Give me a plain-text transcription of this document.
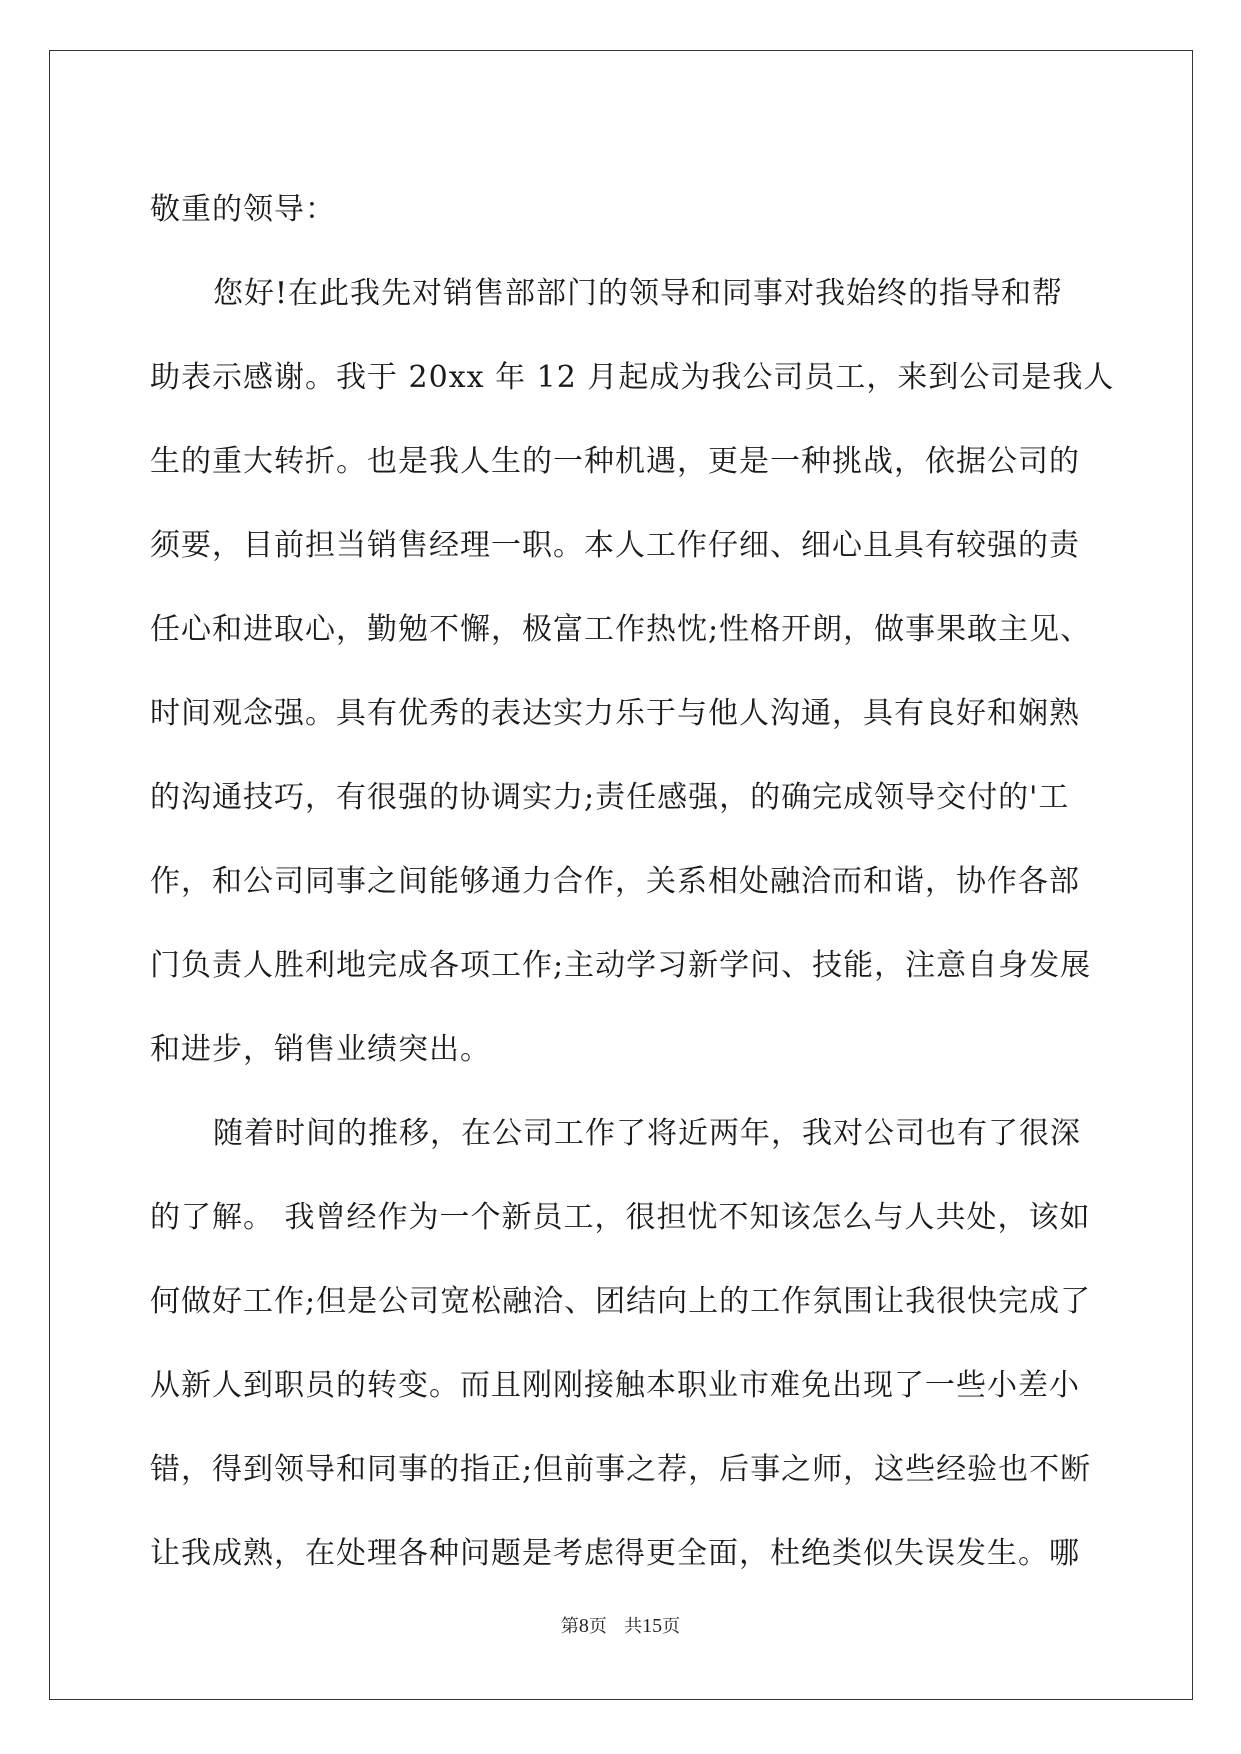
敬重的领导：
您好!在此我先对销售部部门的领导和同事对我始终的指导和帮
助表示感谢。我于 20xx 年 12 月起成为我公司员工，来到公司是我人
生的重大转折。也是我人生的一种机遇，更是一种挑战，依据公司的
须要，目前担当销售经理一职。本人工作仔细、细心且具有较强的责
任心和进取心，勤勉不懈，极富工作热忱;性格开朗，做事果敢主见、
时间观念强。具有优秀的表达实力乐于与他人沟通，具有良好和娴熟
的沟通技巧，有很强的协调实力;责任感强，的确完成领导交付的'工
作，和公司同事之间能够通力合作，关系相处融洽而和谐，协作各部
门负责人胜利地完成各项工作;主动学习新学问、技能，注意自身发展
和进步，销售业绩突出。
随着时间的推移，在公司工作了将近两年，我对公司也有了很深
的了解。 我曾经作为一个新员工，很担忧不知该怎么与人共处，该如
何做好工作;但是公司宽松融洽、团结向上的工作氛围让我很快完成了
从新人到职员的转变。而且刚刚接触本职业市难免出现了一些小差小
错，得到领导和同事的指正;但前事之荐，后事之师，这些经验也不断
让我成熟，在处理各种问题是考虑得更全面，杜绝类似失误发生。哪
第8页 共15页
